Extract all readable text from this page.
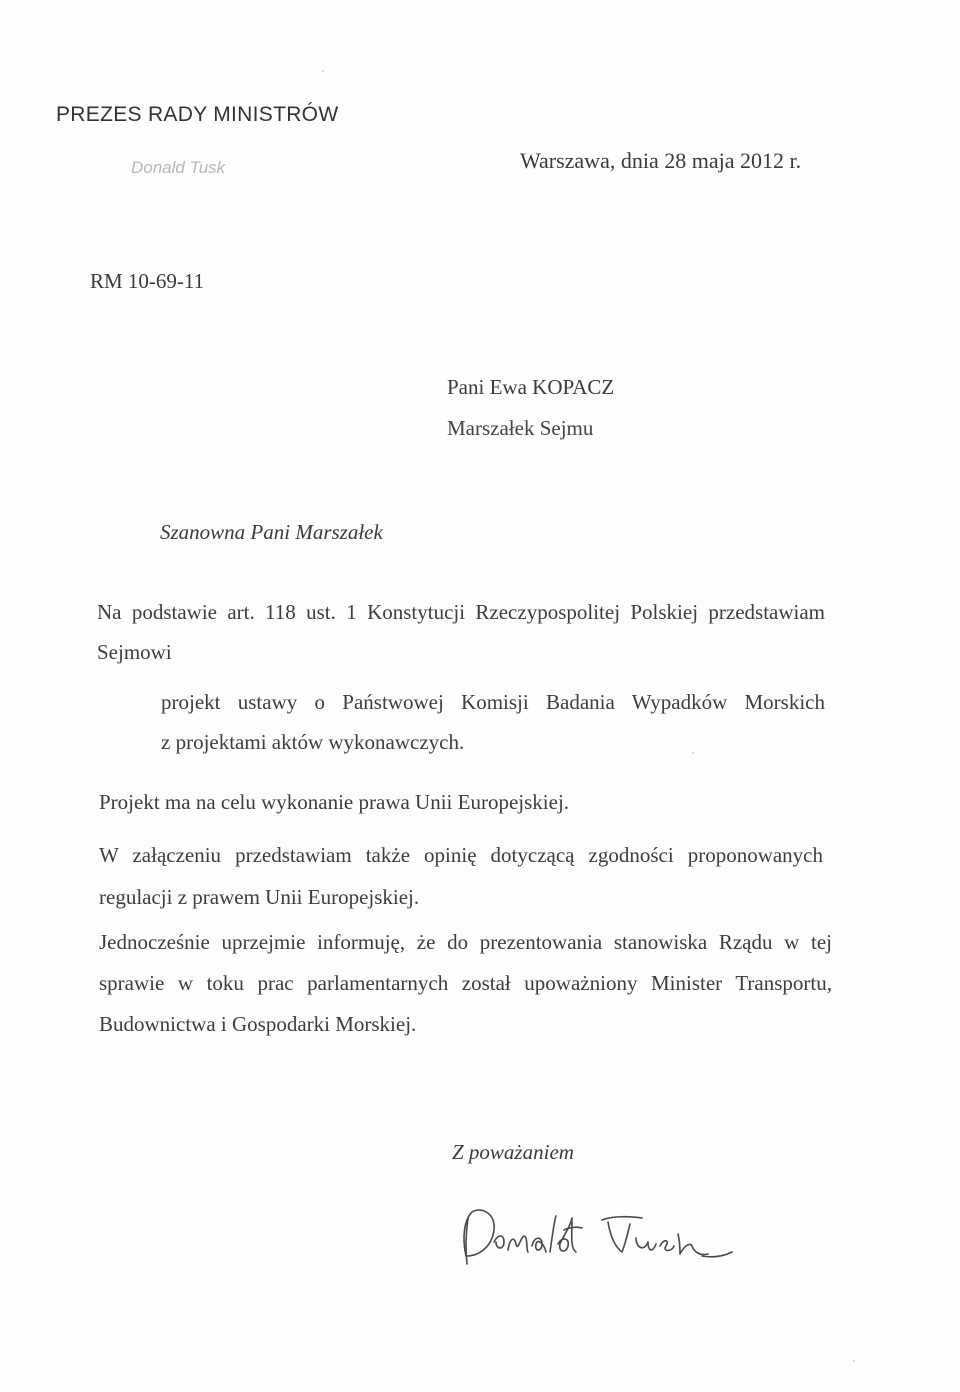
PREZES RADY MINISTRÓW
Donald Tusk	Warszawa, dnia 28 maja 2012 r.
RM 10-69-11
Pani Ewa KOPACZ
Marszałek Sejmu
Szanowna Pani Marszałek
Na podstawie art. 118 ust. 1 Konstytucji Rzeczypospolitej Polskiej przedstawiam
Sejmowi
projekt ustawy o Państwowej Komisji Badania Wypadków Morskich
z projektami aktów wykonawczych.
Projekt ma na celu wykonanie prawa Unii Europejskiej.
W załączeniu przedstawiam także opinię dotyczącą zgodności proponowanych
regulacji z prawem Unii Europejskiej.
Jednocześnie uprzejmie informuję, że do prezentowania stanowiska Rządu w tej
sprawie w toku prac parlamentarnych został upoważniony Minister Transportu,
Budownictwa i Gospodarki Morskiej.
Z poważaniem
